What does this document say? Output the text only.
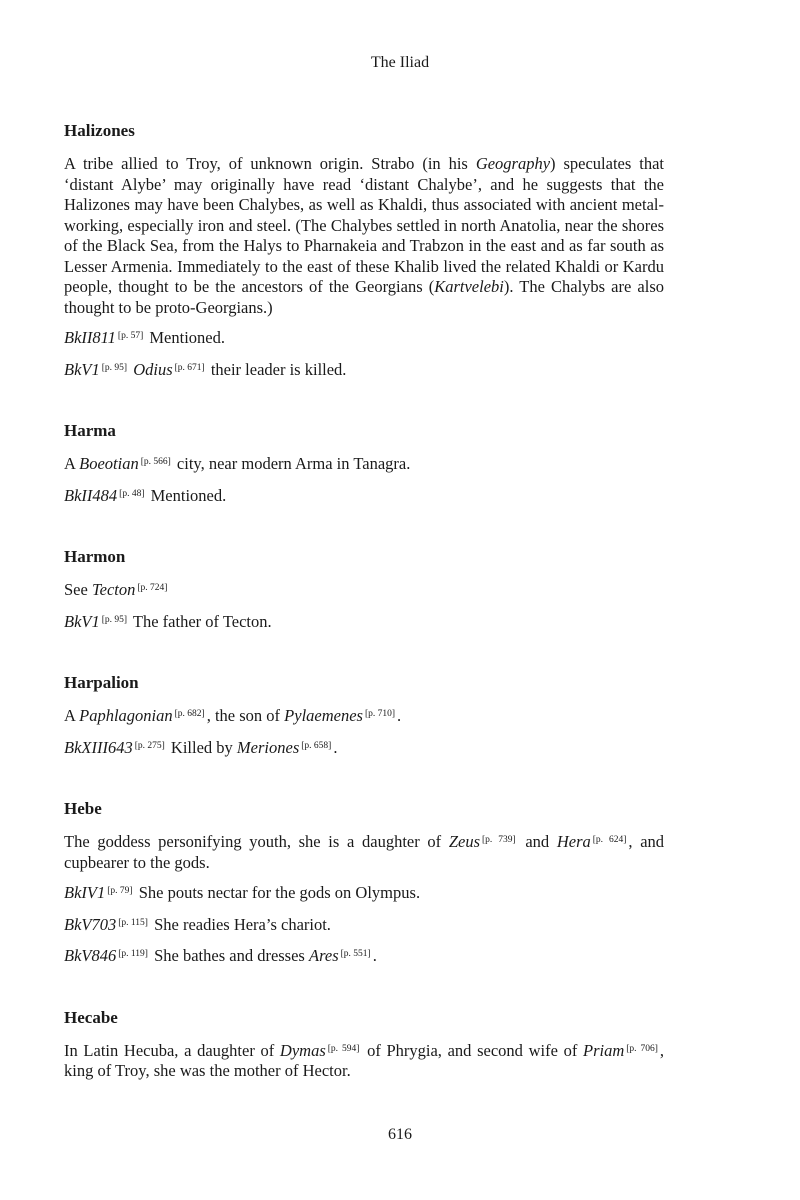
The Iliad
Halizones

A tribe allied to Troy, of unknown origin. Strabo (in his Geography) speculates that ‘distant Alybe’ may originally have read ‘distant Chalybe’, and he suggests that the Halizones may have been Chalybes, as well as Khaldi, thus associated with ancient metal-working, especially iron and steel. (The Chalybes settled in north Anatolia, near the shores of the Black Sea, from the Halys to Pharnakeia and Trabzon in the east and as far south as Lesser Armenia. Immediately to the east of these Khalib lived the related Khaldi or Kardu people, thought to be the ancestors of the Georgians (Kartvelebi). The Chalybs are also thought to be proto-Georgians.)

BkII811 [p. 57] Mentioned.
BkV1 [p. 95] Odius [p. 671] their leader is killed.
Harma
A Boeotian [p. 566] city, near modern Arma in Tanagra.
BkII484 [p. 48] Mentioned.
Harmon
See Tecton [p. 724]
BkV1 [p. 95] The father of Tecton.
Harpalion
A Paphlagonian [p. 682] , the son of Pylaemenes [p. 710] .
BkXIII643 [p. 275] Killed by Meriones [p. 658] .
Hebe

The goddess personifying youth, she is a daughter of Zeus [p. 739] and Hera [p. 624] , and cupbearer to the gods.

BkIV1 [p. 79] She pouts nectar for the gods on Olympus.
BkV703 [p. 115] She readies Hera’s chariot.
BkV846 [p. 119] She bathes and dresses Ares [p. 551] .
Hecabe

In Latin Hecuba, a daughter of Dymas [p. 594] of Phrygia, and second wife of Priam [p. 706] , king of Troy, she was the mother of Hector.

616
